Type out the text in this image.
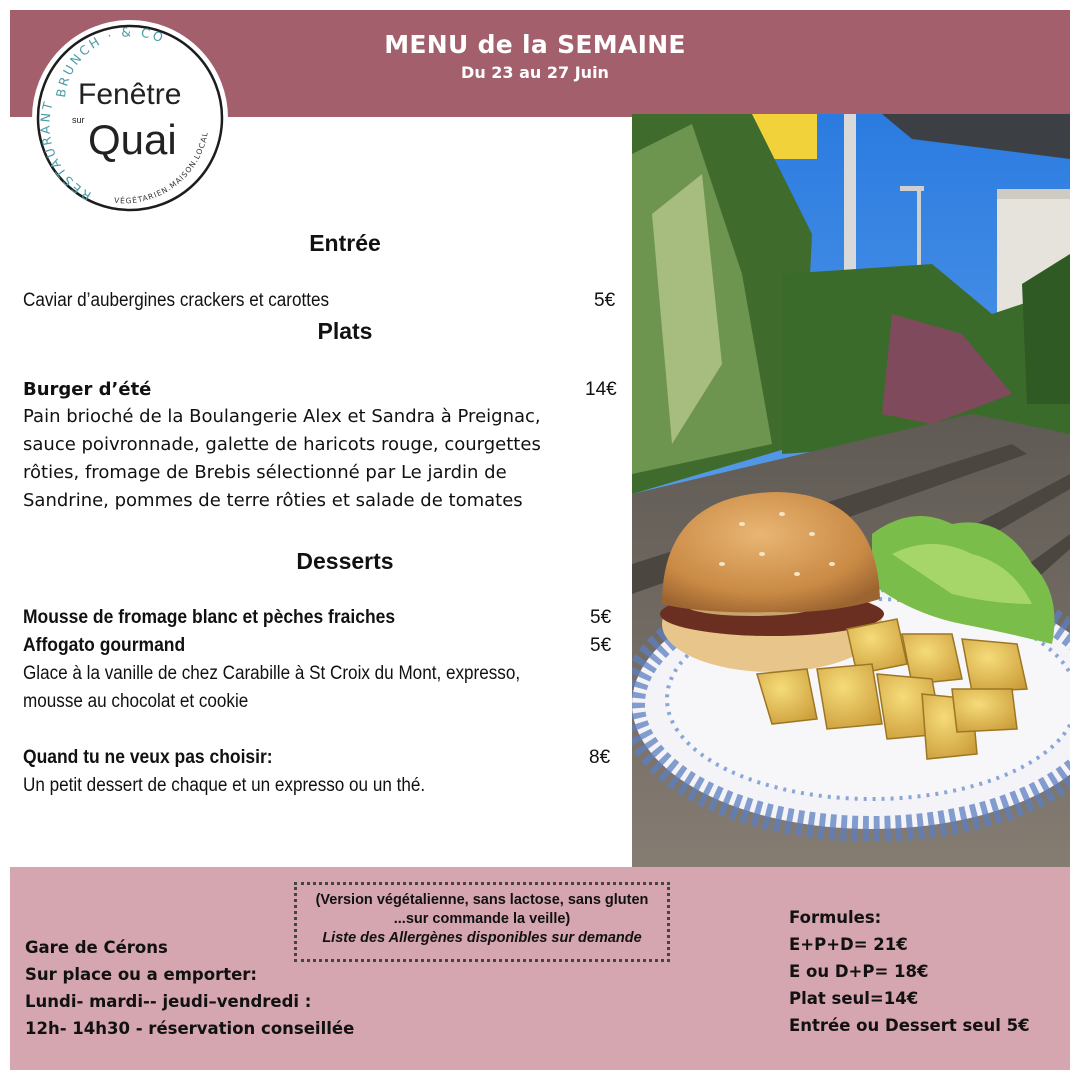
MENU de la SEMAINE
Du 23 au 27 Juin
BRUNCH · & CO
RESTAURANT
VÉGÉTARIEN.MAISON.LOCAL
Fenêtre
sur Quai
Entrée
Caviar d’aubergines crackers et carottes	5€
Plats
Burger d’été	14€
Pain brioché de la Boulangerie Alex et Sandra à Preignac,
sauce poivronnade, galette de haricots rouge, courgettes
rôties, fromage de Brebis sélectionné par Le jardin de
Sandrine, pommes de terre rôties et salade de tomates
Desserts
Mousse de fromage blanc et pèches fraiches	5€
Affogato gourmand	5€
Glace à la vanille de chez Carabille à St Croix du Mont, expresso,
mousse au chocolat et cookie
Quand tu ne veux pas choisir:	8€
Un petit dessert de chaque et un expresso ou un thé.
(Version végétalienne, sans lactose, sans gluten
...sur commande la veille)
Liste des Allergènes disponibles sur demande
Gare de Cérons
Sur place ou a emporter:
Lundi- mardi-- jeudi–vendredi :
12h- 14h30 - réservation conseillée
Formules:
E+P+D= 21€
E ou D+P= 18€
Plat seul=14€
Entrée ou Dessert seul 5€
